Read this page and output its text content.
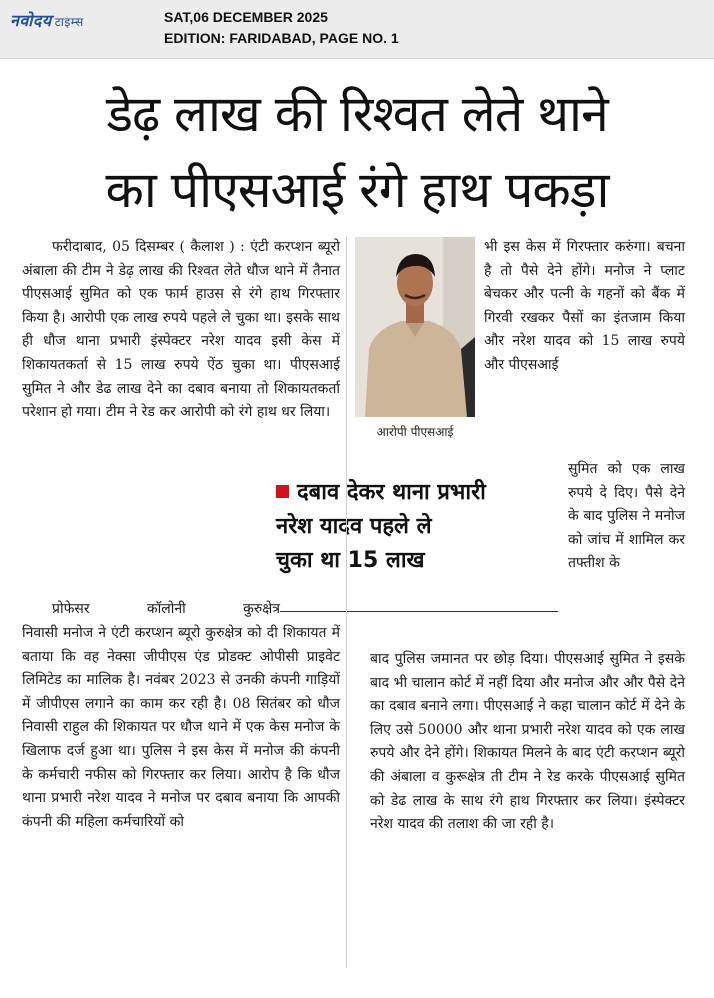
नवोदय टाइम्स	SAT,06 DECEMBER 2025
EDITION: FARIDABAD, PAGE NO. 1
डेढ़ लाख की रिश्वत लेते थाने
का पीएसआई रंगे हाथ पकड़ा

फरीदाबाद, 05 दिसम्बर ( कैलाश ) : एंटी करप्शन ब्यूरो अंबाला की टीम ने डेढ़ लाख की रिश्वत लेते धौज थाने में तैनात पीएसआई सुमित को एक फार्म हाउस से रंगे हाथ गिरफ्तार किया है। आरोपी एक लाख रुपये पहले ले चुका था। इसके साथ ही धौज थाना प्रभारी इंस्पेक्टर नरेश यादव इसी केस में शिकायतकर्ता से 15 लाख रुपये ऐंठ चुका था। पीएसआई सुमित ने और डेढ लाख देने का दबाव बनाया तो शिकायतकर्ता परेशान हो गया। टीम ने रेड कर आरोपी को रंगे हाथ धर लिया।

प्रोफेसर कॉलोनी कुरुक्षेत्र

निवासी मनोज ने एंटी करप्शन ब्यूरो कुरुक्षेत्र को दी शिकायत में बताया कि वह नेक्सा जीपीएस एंड प्रोडक्ट ओपीसी प्राइवेट लिमिटेड का मालिक है। नवंबर 2023 से उनकी कंपनी गाड़ियों में जीपीएस लगाने का काम कर रही है। 08 सितंबर को धौज निवासी राहुल की शिकायत पर धौज थाने में एक केस मनोज के खिलाफ दर्ज हुआ था। पुलिस ने इस केस में मनोज की कंपनी के कर्मचारी नफीस को गिरफ्तार कर लिया। आरोप है कि धौज थाना प्रभारी नरेश यादव ने मनोज पर दबाव बनाया कि आपकी कंपनी की महिला कर्मचारियों को

आरोपी पीएसआई

भी इस केस में गिरफ्तार करुंगा। बचना है तो पैसे देने होंगे। मनोज ने प्लाट बेचकर और पत्नी के गहनों को बैंक में गिरवी रखकर पैसों का इंतजाम किया और नरेश यादव को 15 लाख रुपये और पीएसआई

सुमित को एक लाख रुपये दे दिए। पैसे देने के बाद पुलिस ने मनोज को जांच में शामिल कर तफ्तीश के

दबाव देकर थाना प्रभारी
नरेश यादव पहले ले
चुका था 15 लाख

बाद पुलिस जमानत पर छोड़ दिया। पीएसआई सुमित ने इसके बाद भी चालान कोर्ट में नहीं दिया और मनोज और और पैसे देने का दबाव बनाने लगा। पीएसआई ने कहा चालान कोर्ट में देने के लिए उसे 50000 और थाना प्रभारी नरेश यादव को एक लाख रुपये और देने होंगे। शिकायत मिलने के बाद एंटी करप्शन ब्यूरो की अंबाला व कुरूक्षेत्र ती टीम ने रेड करके पीएसआई सुमित को डेढ लाख के साथ रंगे हाथ गिरफ्तार कर लिया। इंस्पेक्टर नरेश यादव की तलाश की जा रही है।
